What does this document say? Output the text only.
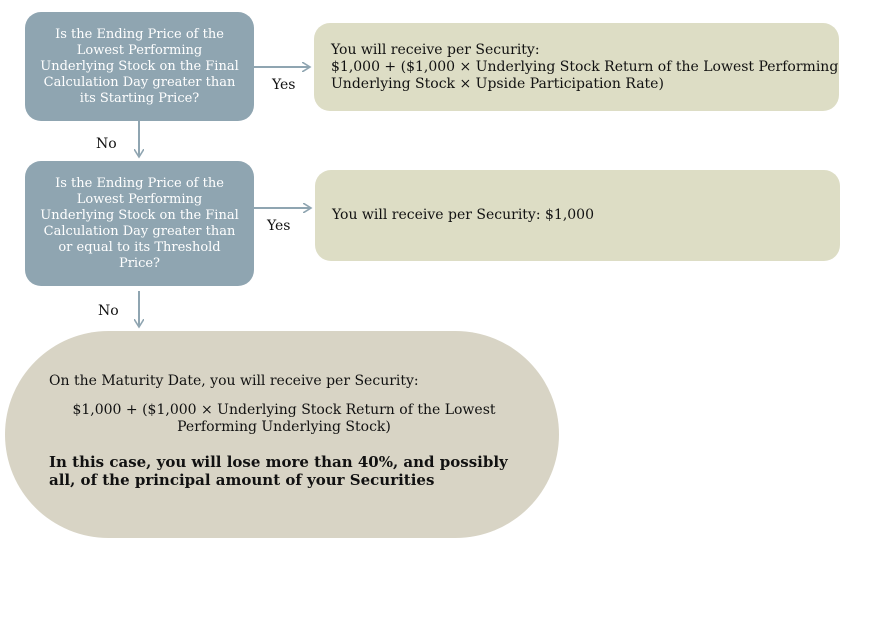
Is the Ending Price of the Lowest Performing Underlying Stock on the Final Calculation Day greater than its Starting Price?
You will receive per Security:
$1,000 + ($1,000 × Underlying Stock Return of the Lowest Performing Underlying Stock × Upside Participation Rate)
Is the Ending Price of the Lowest Performing Underlying Stock on the Final Calculation Day greater than or equal to its Threshold Price?
You will receive per Security: $1,000
Yes
Yes
No
No

On the Maturity Date, you will receive per Security:

$1,000 + ($1,000 × Underlying Stock Return of the Lowest Performing Underlying Stock)

In this case, you will lose more than 40%, and possibly all, of the principal amount of your Securities
